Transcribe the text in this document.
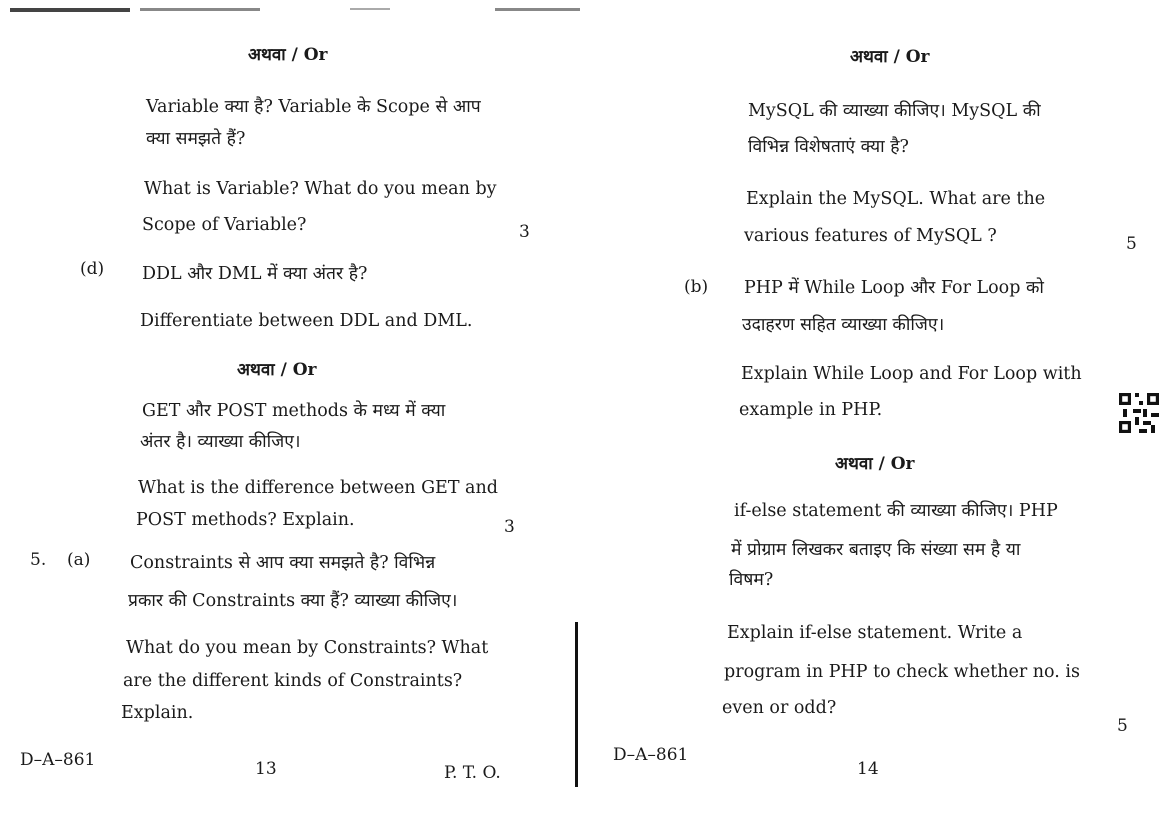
अथवा / Or
Variable क्या है? Variable के Scope से आप
क्या समझते हैं?
What is Variable? What do you mean by
Scope of Variable?	3
(d) DDL और DML में क्या अंतर है?
Differentiate between DDL and DML.
अथवा / Or
GET और POST methods के मध्य में क्या
अंतर है। व्याख्या कीजिए।
What is the difference between GET and
POST methods? Explain.	3
5. (a) Constraints से आप क्या समझते है? विभिन्न
प्रकार की Constraints क्या हैं? व्याख्या कीजिए।
What do you mean by Constraints? What
are the different kinds of Constraints?
Explain.
D–A–861	13	P. T. O.
अथवा / Or
MySQL की व्याख्या कीजिए। MySQL की
विभिन्न विशेषताएं क्या है?
Explain the MySQL. What are the
various features of MySQL ?	5
(b) PHP में While Loop और For Loop को
उदाहरण सहित व्याख्या कीजिए।
Explain While Loop and For Loop with
example in PHP.
अथवा / Or
if-else statement की व्याख्या कीजिए। PHP
में प्रोग्राम लिखकर बताइए कि संख्या सम है या
विषम?
Explain if-else statement. Write a
program in PHP to check whether no. is
even or odd?
5
D–A–861
14
